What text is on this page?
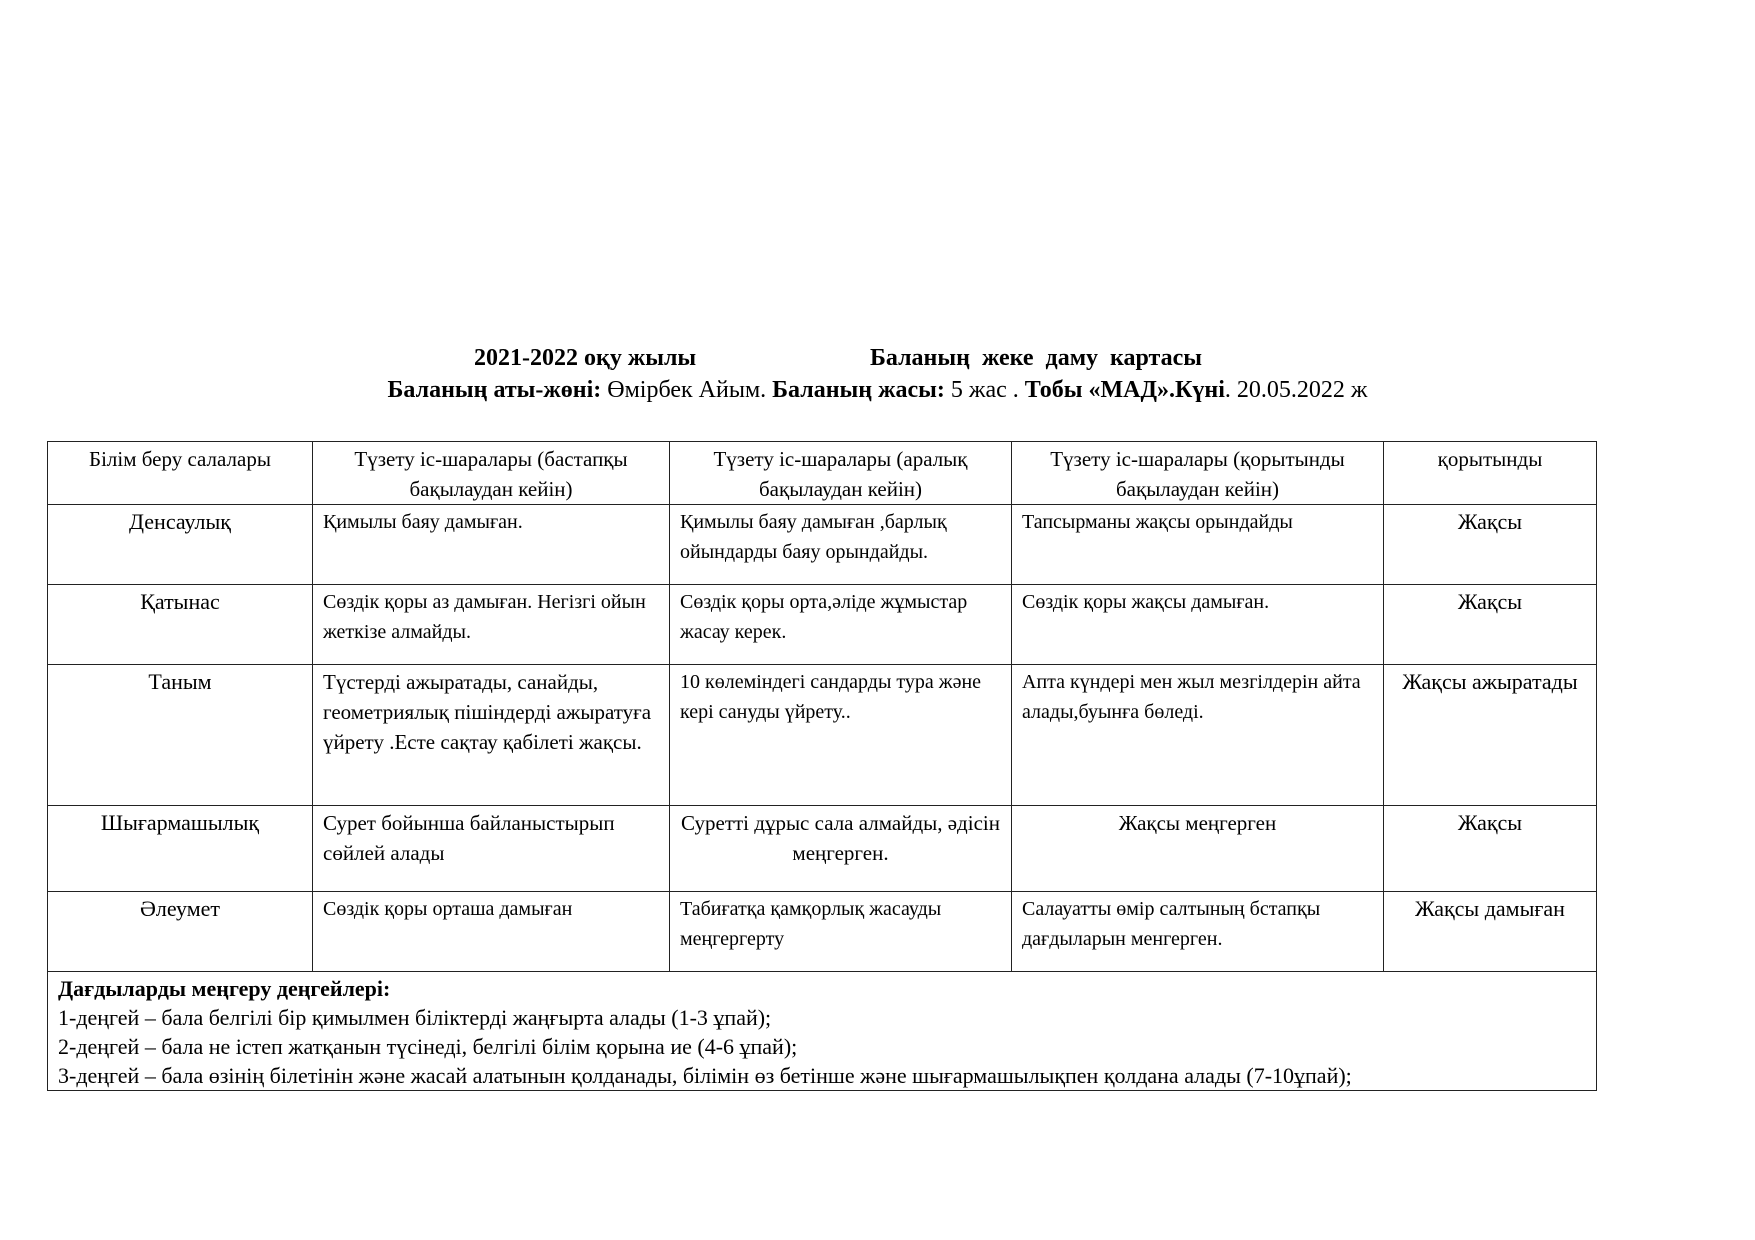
2021-2022 оқу жылы	Баланың жеке даму картасы
Баланың аты-жөні: Өмірбек Айым. Баланың жасы: 5 жас . Тобы «МАД».Күні. 20.05.2022 ж
Білім беру салалары	Түзету іс-шаралары (бастапқы бақылаудан кейін)	Түзету іс-шаралары (аралық бақылаудан кейін)	Түзету іс-шаралары (қорытынды бақылаудан кейін)	қорытынды
Денсаулық	Қимылы баяу дамыған.	Қимылы баяу дамыған ,барлық ойындарды баяу орындайды.	Тапсырманы жақсы орындайды	Жақсы
Қатынас	Сөздік қоры аз дамыған. Негізгі ойын жеткізе алмайды.	Сөздік қоры орта,әліде жұмыстар жасау керек.	Сөздік қоры жақсы дамыған.	Жақсы
Таным	Түстерді ажыратады, санайды, геометриялық пішіндерді ажыратуға үйрету .Есте сақтау қабілеті жақсы.	10 көлеміндегі сандарды тура және кері сануды үйрету..	Апта күндері мен жыл мезгілдерін айта алады,буынға бөледі.	Жақсы ажыратады
Шығармашылық	Сурет бойынша байланыстырып сөйлей алады	Суретті дұрыс сала алмайды, әдісін меңгерген.	Жақсы меңгерген	Жақсы
Әлеумет	Сөздік қоры орташа дамыған	Табиғатқа қамқорлық жасауды меңгергерту	Салауатты өмір салтының бстапқы дағдыларын менгерген.	Жақсы дамыған

Дағдыларды меңгеру деңгейлері:
1-деңгей – бала белгілі бір қимылмен біліктерді жаңғырта алады (1-3 ұпай);
2-деңгей – бала не істеп жатқанын түсінеді, белгілі білім қорына ие (4-6 ұпай);
3-деңгей – бала өзінің білетінін және жасай алатынын қолданады, білімін өз бетінше және шығармашылықпен қолдана алады (7-10ұпай);				
